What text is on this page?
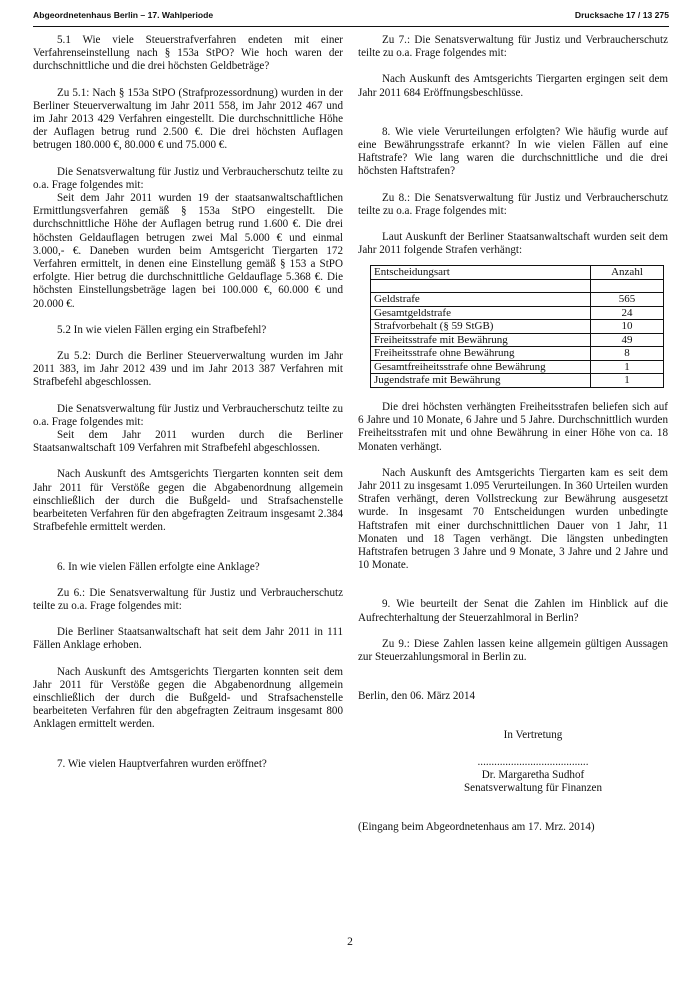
Abgeordnetenhaus Berlin – 17. Wahlperiode	Drucksache 17 / 13 275

5.1 Wie viele Steuerstrafverfahren endeten mit einer Verfahrenseinstellung nach § 153a StPO? Wie hoch waren der durchschnittliche und die drei höchsten Geldbeträge?

Zu 5.1: Nach § 153a StPO (Strafprozessordnung) wurden in der Berliner Steuerverwaltung im Jahr 2011 558, im Jahr 2012 467 und im Jahr 2013 429 Verfahren eingestellt. Die durchschnittliche Höhe der Auflagen betrug rund 2.500 €. Die drei höchsten Auflagen betrugen 180.000 €, 80.000 € und 75.000 €.

Die Senatsverwaltung für Justiz und Verbraucherschutz teilte zu o.a. Frage folgendes mit:

Seit dem Jahr 2011 wurden 19 der staatsanwaltschaftlichen Ermittlungsverfahren gemäß § 153a StPO eingestellt. Die durchschnittliche Höhe der Auflagen betrug rund 1.600 €. Die drei höchsten Geldauflagen betrugen zwei Mal 5.000 € und einmal 3.000,- €. Daneben wurden beim Amtsgericht Tiergarten 172 Verfahren ermittelt, in denen eine Einstellung gemäß § 153 a StPO erfolgte. Hier betrug die durchschnittliche Geldauflage 5.368 €. Die höchsten Einstellungsbeträge lagen bei 100.000 €, 60.000 € und 20.000 €.

5.2 In wie vielen Fällen erging ein Strafbefehl?

Zu 5.2: Durch die Berliner Steuerverwaltung wurden im Jahr 2011 383, im Jahr 2012 439 und im Jahr 2013 387 Verfahren mit Strafbefehl abgeschlossen.

Die Senatsverwaltung für Justiz und Verbraucherschutz teilte zu o.a. Frage folgendes mit:

Seit dem Jahr 2011 wurden durch die Berliner Staatsanwaltschaft 109 Verfahren mit Strafbefehl abgeschlossen.

Nach Auskunft des Amtsgerichts Tiergarten konnten seit dem Jahr 2011 für Verstöße gegen die Abgabenordnung allgemein einschließlich der durch die Bußgeld- und Strafsachenstelle bearbeiteten Verfahren für den abgefragten Zeitraum insgesamt 2.384 Strafbefehle ermittelt werden.

6. In wie vielen Fällen erfolgte eine Anklage?

Zu 6.: Die Senatsverwaltung für Justiz und Verbraucherschutz teilte zu o.a. Frage folgendes mit:

Die Berliner Staatsanwaltschaft hat seit dem Jahr 2011 in 111 Fällen Anklage erhoben.

Nach Auskunft des Amtsgerichts Tiergarten konnten seit dem Jahr 2011 für Verstöße gegen die Abgabenordnung allgemein einschließlich der durch die Bußgeld- und Strafsachenstelle bearbeiteten Verfahren für den abgefragten Zeitraum insgesamt 800 Anklagen ermittelt werden.

7. Wie vielen Hauptverfahren wurden eröffnet?

Zu 7.: Die Senatsverwaltung für Justiz und Verbraucherschutz teilte zu o.a. Frage folgendes mit:

Nach Auskunft des Amtsgerichts Tiergarten ergingen seit dem Jahr 2011 684 Eröffnungsbeschlüsse.

8. Wie viele Verurteilungen erfolgten? Wie häufig wurde auf eine Bewährungsstrafe erkannt? In wie vielen Fällen auf eine Haftstrafe? Wie lang waren die durchschnittliche und die drei höchsten Haftstrafen?

Zu 8.: Die Senatsverwaltung für Justiz und Verbraucherschutz teilte zu o.a. Frage folgendes mit:

Laut Auskunft der Berliner Staatsanwaltschaft wurden seit dem Jahr 2011 folgende Strafen verhängt:

Entscheidungsart	Anzahl

Geldstrafe	565
Gesamtgeldstrafe	24
Strafvorbehalt (§ 59 StGB)	10
Freiheitsstrafe mit Bewährung	49
Freiheitsstrafe ohne Bewährung	8
Gesamtfreiheitsstrafe ohne Bewährung	1
Jugendstrafe mit Bewährung	1

Die drei höchsten verhängten Freiheitsstrafen beliefen sich auf 6 Jahre und 10 Monate, 6 Jahre und 5 Jahre. Durchschnittlich wurden Freiheitsstrafen mit und ohne Bewährung in einer Höhe von ca. 18 Monaten verhängt.

Nach Auskunft des Amtsgerichts Tiergarten kam es seit dem Jahr 2011 zu insgesamt 1.095 Verurteilungen. In 360 Urteilen wurden Strafen verhängt, deren Vollstreckung zur Bewährung ausgesetzt wurde. In insgesamt 70 Entscheidungen wurden unbedingte Haftstrafen mit einer durchschnittlichen Dauer von 1 Jahr, 11 Monaten und 18 Tagen verhängt. Die längsten unbedingten Haftstrafen betrugen 3 Jahre und 9 Monate, 3 Jahre und 2 Jahre und 10 Monate.

9. Wie beurteilt der Senat die Zahlen im Hinblick auf die Aufrechterhaltung der Steuerzahlmoral in Berlin?

Zu 9.: Diese Zahlen lassen keine allgemein gültigen Aussagen zur Steuerzahlungsmoral in Berlin zu.

Berlin, den 06. März 2014

In Vertretung
........................................
Dr. Margaretha Sudhof
Senatsverwaltung für Finanzen

(Eingang beim Abgeordnetenhaus am 17. Mrz. 2014)

2
